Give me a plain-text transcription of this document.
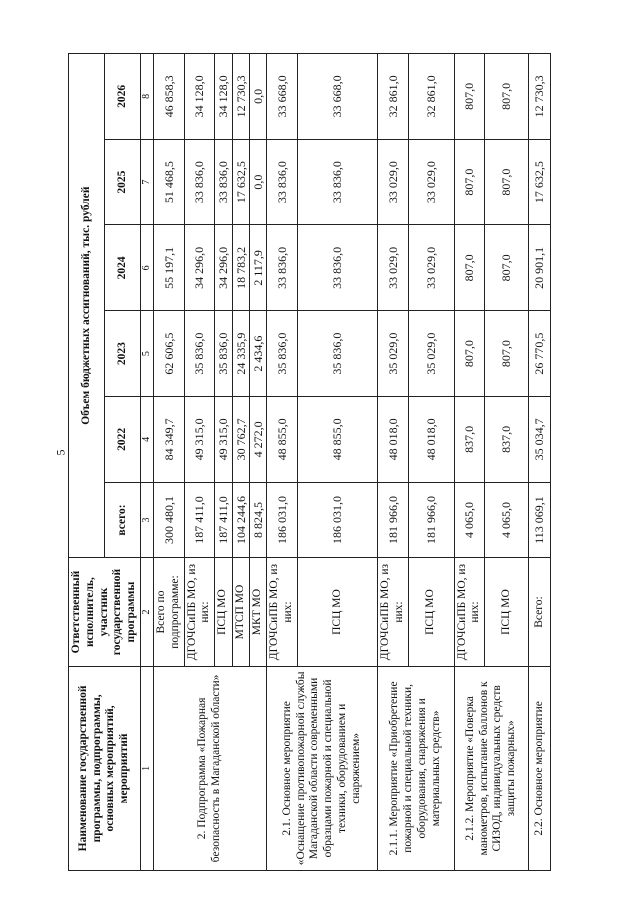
5
Наименование государственной программы, подпрограммы, основных мероприятий, мероприятий	Ответственный исполнитель, участник государственной программы	Объем бюджетных ассигнований, тыс. рублей					
		всего:	2022	2023	2024	2025	2026
1	2	3	4	5	6	7	8
2. Подпрограмма «Пожарная безопасность в Магаданской области»	Всего по подпрограмме:	300 480,1	84 349,7	62 606,5	55 197,1	51 468,5	46 858,3
	ДГОЧСиПБ МО, из них:	187 411,0	49 315,0	35 836,0	34 296,0	33 836,0	34 128,0
	ПСЦ МО	187 411,0	49 315,0	35 836,0	34 296,0	33 836,0	34 128,0
	МТСП МО	104 244,6	30 762,7	24 335,9	18 783,2	17 632,5	12 730,3
	МКТ МО	8 824,5	4 272,0	2 434,6	2 117,9	0,0	0,0
2.1. Основное мероприятие «Оснащение противопожарной службы Магаданской области современными образцами пожарной и специальной техники, оборудованием и снаряжением»	ДГОЧСиПБ МО, из них:	186 031,0	48 855,0	35 836,0	33 836,0	33 836,0	33 668,0
	ПСЦ МО	186 031,0	48 855,0	35 836,0	33 836,0	33 836,0	33 668,0
2.1.1. Мероприятие «Приобретение пожарной и специальной техники, оборудования, снаряжения и материальных средств»	ДГОЧСиПБ МО, из них:	181 966,0	48 018,0	35 029,0	33 029,0	33 029,0	32 861,0
	ПСЦ МО	181 966,0	48 018,0	35 029,0	33 029,0	33 029,0	32 861,0
2.1.2. Мероприятие «Поверка манометров, испытание баллонов к СИЗОД, индивидуальных средств защиты пожарных»	ДГОЧСиПБ МО, из них:	4 065,0	837,0	807,0	807,0	807,0	807,0
	ПСЦ МО	4 065,0	837,0	807,0	807,0	807,0	807,0
2.2. Основное мероприятие	Всего:	113 069,1	35 034,7	26 770,5	20 901,1	17 632,5	12 730,3
